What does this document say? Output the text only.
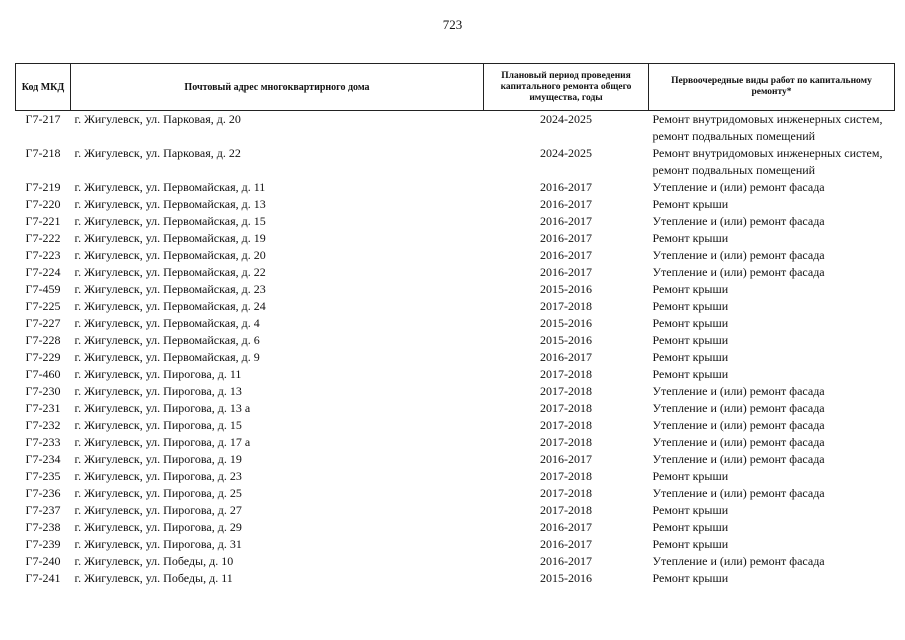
723
Код МКД	Почтовый адрес многоквартирного дома	Плановый период проведения капитального ремонта общего имущества, годы	Первоочередные виды работ по капитальному ремонту*
Г7-217	г. Жигулевск, ул. Парковая, д. 20	2024-2025	Ремонт внутридомовых инженерных систем, ремонт подвальных помещений
Г7-218	г. Жигулевск, ул. Парковая, д. 22	2024-2025	Ремонт внутридомовых инженерных систем, ремонт подвальных помещений
Г7-219	г. Жигулевск, ул. Первомайская, д. 11	2016-2017	Утепление и (или) ремонт фасада
Г7-220	г. Жигулевск, ул. Первомайская, д. 13	2016-2017	Ремонт крыши
Г7-221	г. Жигулевск, ул. Первомайская, д. 15	2016-2017	Утепление и (или) ремонт фасада
Г7-222	г. Жигулевск, ул. Первомайская, д. 19	2016-2017	Ремонт крыши
Г7-223	г. Жигулевск, ул. Первомайская, д. 20	2016-2017	Утепление и (или) ремонт фасада
Г7-224	г. Жигулевск, ул. Первомайская, д. 22	2016-2017	Утепление и (или) ремонт фасада
Г7-459	г. Жигулевск, ул. Первомайская, д. 23	2015-2016	Ремонт крыши
Г7-225	г. Жигулевск, ул. Первомайская, д. 24	2017-2018	Ремонт крыши
Г7-227	г. Жигулевск, ул. Первомайская, д. 4	2015-2016	Ремонт крыши
Г7-228	г. Жигулевск, ул. Первомайская, д. 6	2015-2016	Ремонт крыши
Г7-229	г. Жигулевск, ул. Первомайская, д. 9	2016-2017	Ремонт крыши
Г7-460	г. Жигулевск, ул. Пирогова, д. 11	2017-2018	Ремонт крыши
Г7-230	г. Жигулевск, ул. Пирогова, д. 13	2017-2018	Утепление и (или) ремонт фасада
Г7-231	г. Жигулевск, ул. Пирогова, д. 13 а	2017-2018	Утепление и (или) ремонт фасада
Г7-232	г. Жигулевск, ул. Пирогова, д. 15	2017-2018	Утепление и (или) ремонт фасада
Г7-233	г. Жигулевск, ул. Пирогова, д. 17 а	2017-2018	Утепление и (или) ремонт фасада
Г7-234	г. Жигулевск, ул. Пирогова, д. 19	2016-2017	Утепление и (или) ремонт фасада
Г7-235	г. Жигулевск, ул. Пирогова, д. 23	2017-2018	Ремонт крыши
Г7-236	г. Жигулевск, ул. Пирогова, д. 25	2017-2018	Утепление и (или) ремонт фасада
Г7-237	г. Жигулевск, ул. Пирогова, д. 27	2017-2018	Ремонт крыши
Г7-238	г. Жигулевск, ул. Пирогова, д. 29	2016-2017	Ремонт крыши
Г7-239	г. Жигулевск, ул. Пирогова, д. 31	2016-2017	Ремонт крыши
Г7-240	г. Жигулевск, ул. Победы, д. 10	2016-2017	Утепление и (или) ремонт фасада
Г7-241	г. Жигулевск, ул. Победы, д. 11	2015-2016	Ремонт крыши
